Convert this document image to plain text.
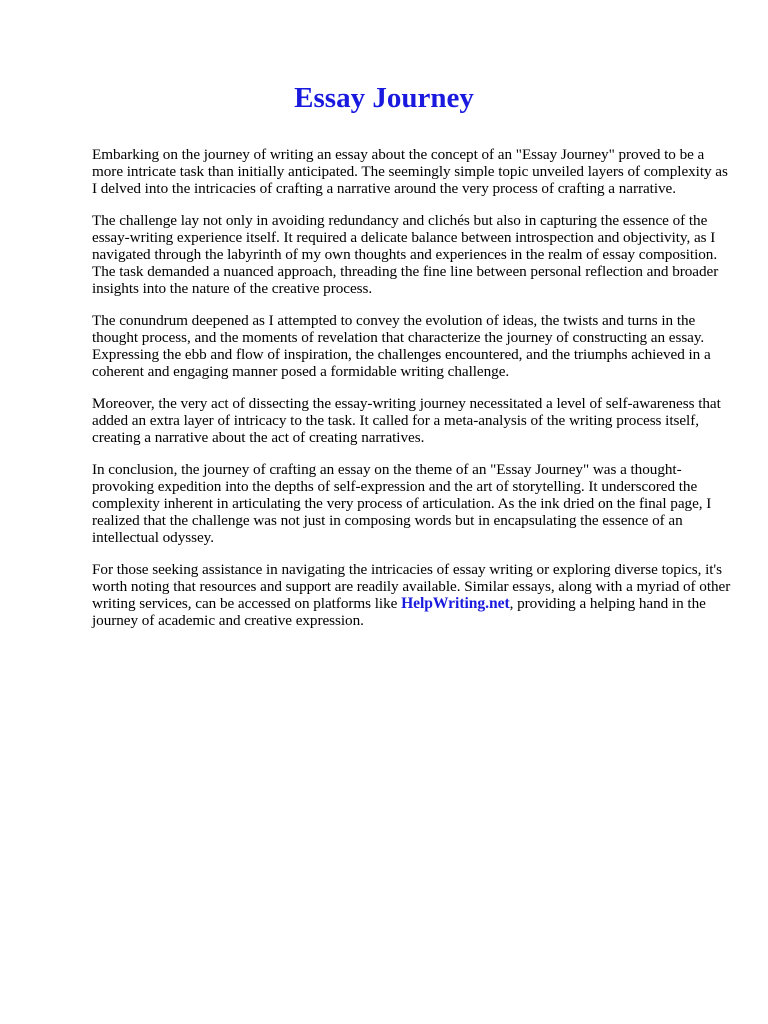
Essay Journey

Embarking on the journey of writing an essay about the concept of an "Essay Journey" proved to be a more intricate task than initially anticipated. The seemingly simple topic unveiled layers of complexity as I delved into the intricacies of crafting a narrative around the very process of crafting a narrative.

The challenge lay not only in avoiding redundancy and clichés but also in capturing the essence of the essay-writing experience itself. It required a delicate balance between introspection and objectivity, as I navigated through the labyrinth of my own thoughts and experiences in the realm of essay composition. The task demanded a nuanced approach, threading the fine line between personal reflection and broader insights into the nature of the creative process.

The conundrum deepened as I attempted to convey the evolution of ideas, the twists and turns in the thought process, and the moments of revelation that characterize the journey of constructing an essay. Expressing the ebb and flow of inspiration, the challenges encountered, and the triumphs achieved in a coherent and engaging manner posed a formidable writing challenge.

Moreover, the very act of dissecting the essay-writing journey necessitated a level of self-awareness that added an extra layer of intricacy to the task. It called for a meta-analysis of the writing process itself, creating a narrative about the act of creating narratives.

In conclusion, the journey of crafting an essay on the theme of an "Essay Journey" was a thought-provoking expedition into the depths of self-expression and the art of storytelling. It underscored the complexity inherent in articulating the very process of articulation. As the ink dried on the final page, I realized that the challenge was not just in composing words but in encapsulating the essence of an intellectual odyssey.

For those seeking assistance in navigating the intricacies of essay writing or exploring diverse topics, it's worth noting that resources and support are readily available. Similar essays, along with a myriad of other writing services, can be accessed on platforms like HelpWriting.net, providing a helping hand in the journey of academic and creative expression.
